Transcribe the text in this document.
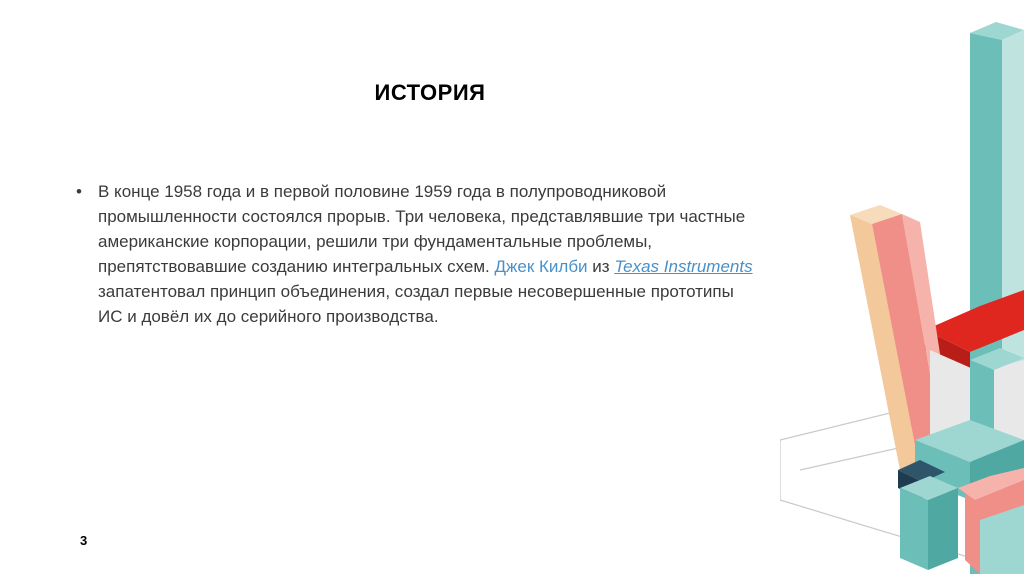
ИСТОРИЯ
• В конце 1958 года и в первой половине 1959 года в полупроводниковой промышленности состоялся прорыв. Три человека, представлявшие три частные американские корпорации, решили три фундаментальные проблемы, препятствовавшие созданию интегральных схем. Джек Килби из Texas Instruments запатентовал принцип объединения, создал первые несовершенные прототипы ИС и довёл их до серийного производства.
3
